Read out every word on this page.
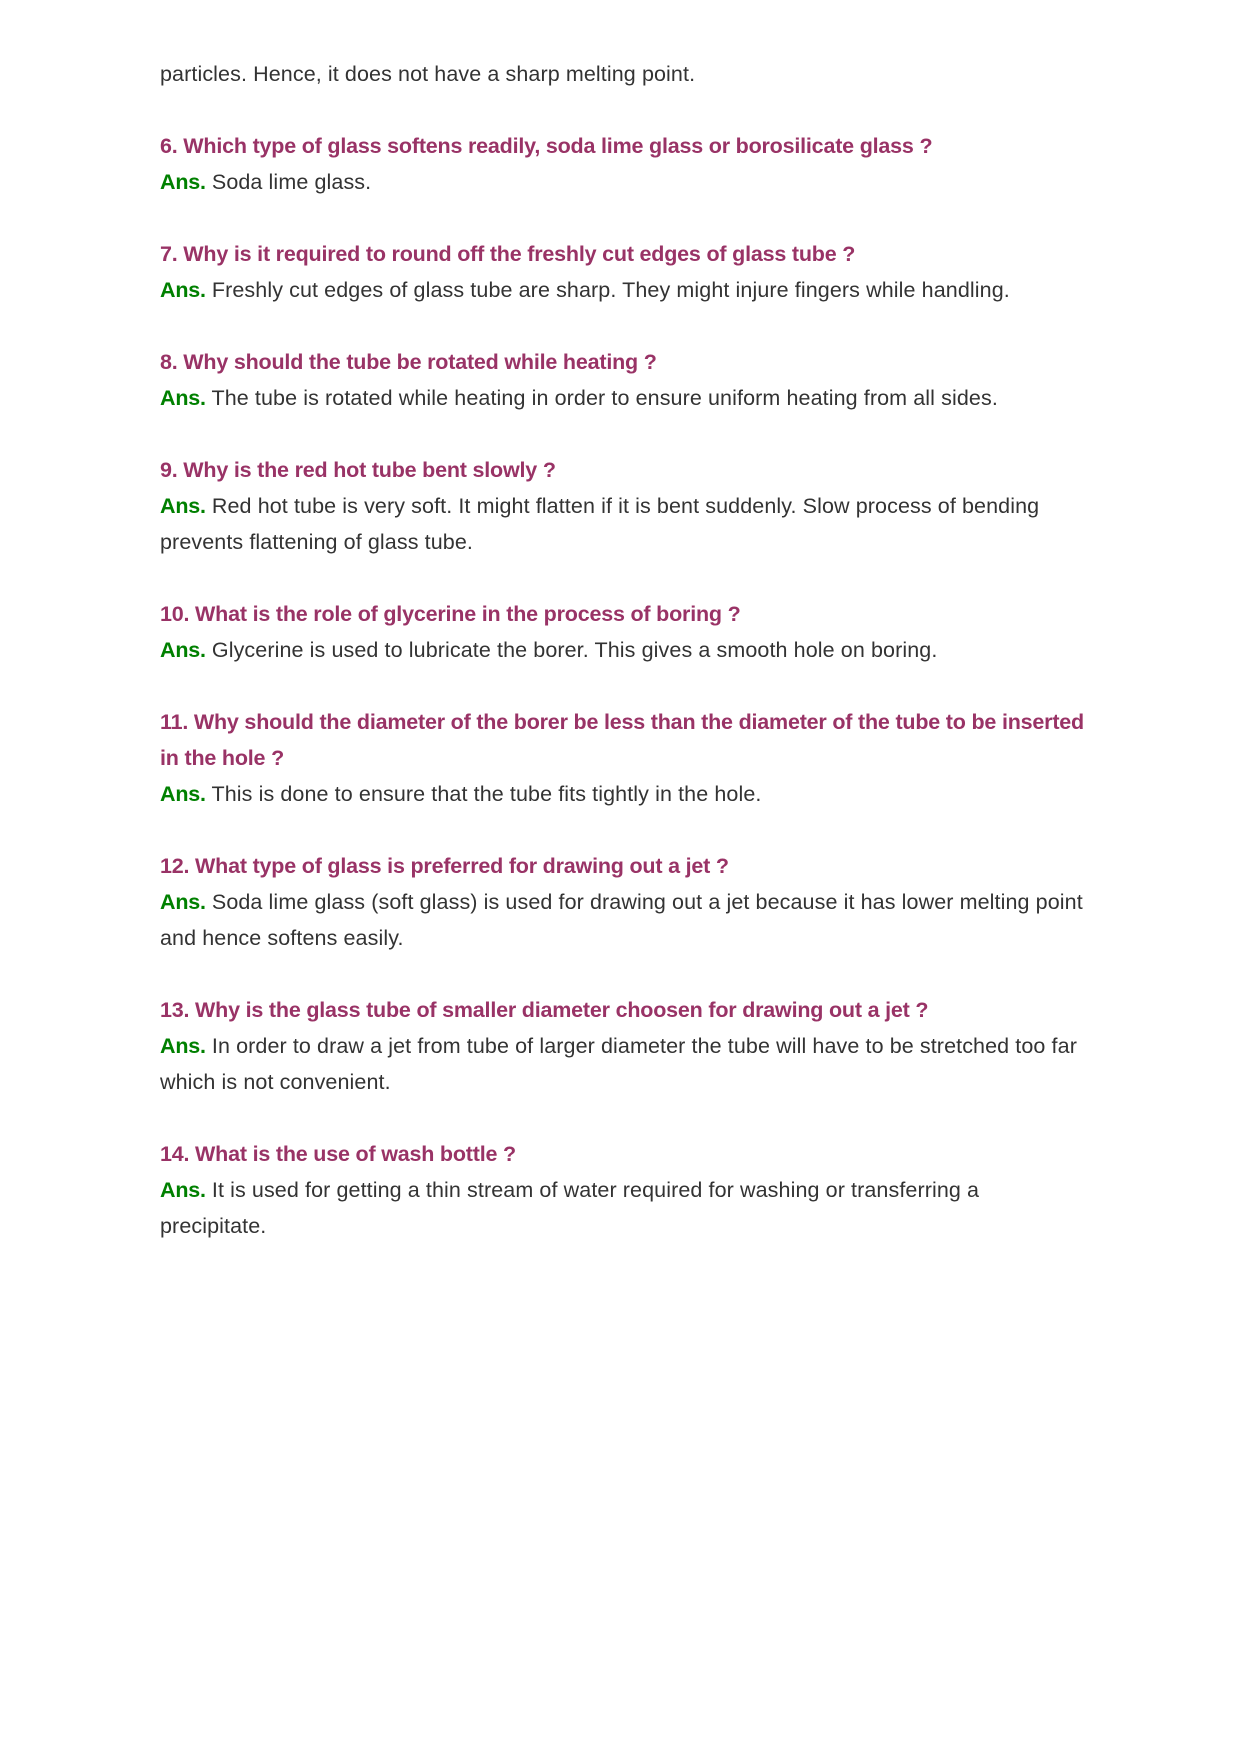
particles. Hence, it does not have a sharp melting point.

6. Which type of glass softens readily, soda lime glass or borosilicate glass ?

Ans. Soda lime glass.

7. Why is it required to round off the freshly cut edges of glass tube ?

Ans. Freshly cut edges of glass tube are sharp. They might injure fingers while handling.

8. Why should the tube be rotated while heating ?

Ans. The tube is rotated while heating in order to ensure uniform heating from all sides.

9. Why is the red hot tube bent slowly ?

Ans. Red hot tube is very soft. It might flatten if it is bent suddenly. Slow process of bending prevents flattening of glass tube.

10. What is the role of glycerine in the process of boring ?

Ans. Glycerine is used to lubricate the borer. This gives a smooth hole on boring.

11. Why should the diameter of the borer be less than the diameter of the tube to be inserted in the hole ?

Ans. This is done to ensure that the tube fits tightly in the hole.

12. What type of glass is preferred for drawing out a jet ?

Ans. Soda lime glass (soft glass) is used for drawing out a jet because it has lower melting point and hence softens easily.

13. Why is the glass tube of smaller diameter choosen for drawing out a jet ?

Ans. In order to draw a jet from tube of larger diameter the tube will have to be stretched too far which is not convenient.

14. What is the use of wash bottle ?

Ans. It is used for getting a thin stream of water required for washing or transferring a precipitate.
